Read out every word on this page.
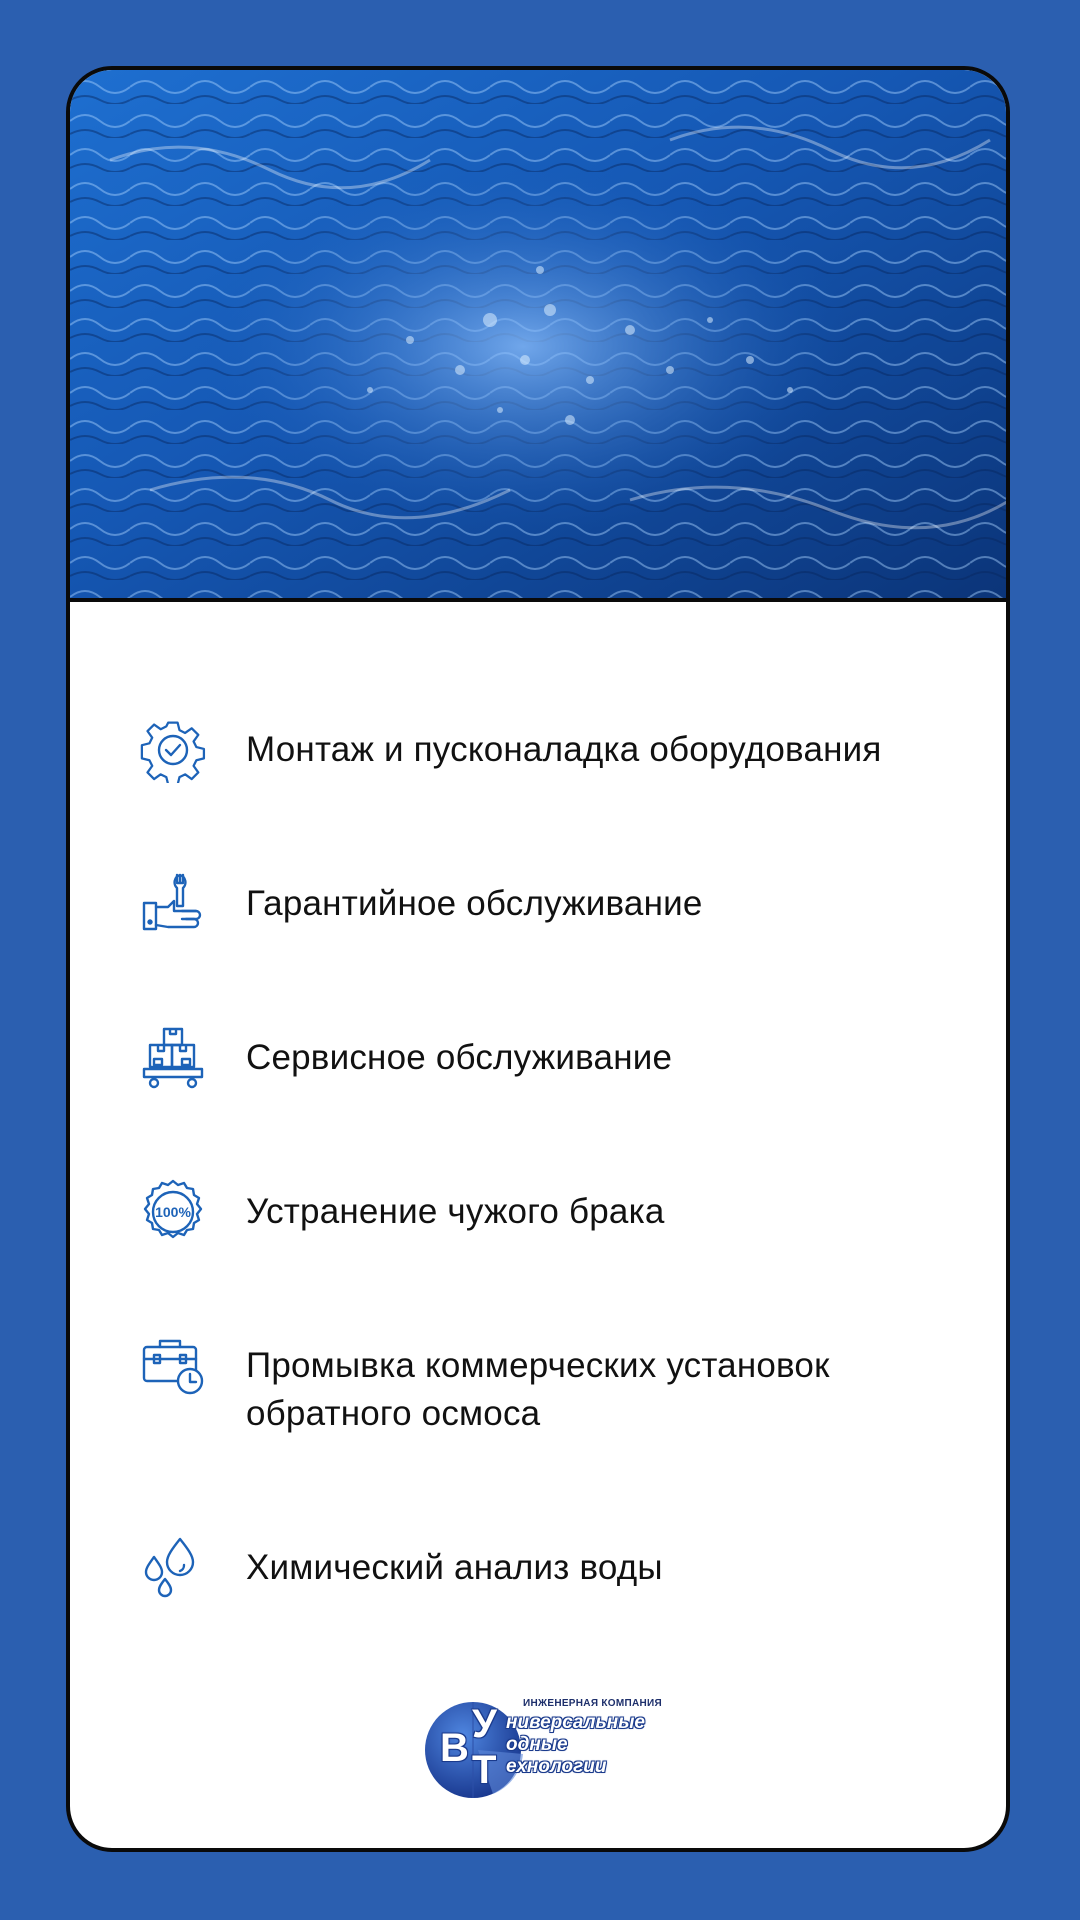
Монтаж и пусконаладка оборудования
Гарантийное обслуживание
Сервисное обслуживание
100% Устранение чужого брака
Промывка коммерческих установок обратного осмоса
Химический анализ воды
ИНЖЕНЕРНАЯ КОМПАНИЯ
В
У
Т
ниверсальные
одные
ехнологии
